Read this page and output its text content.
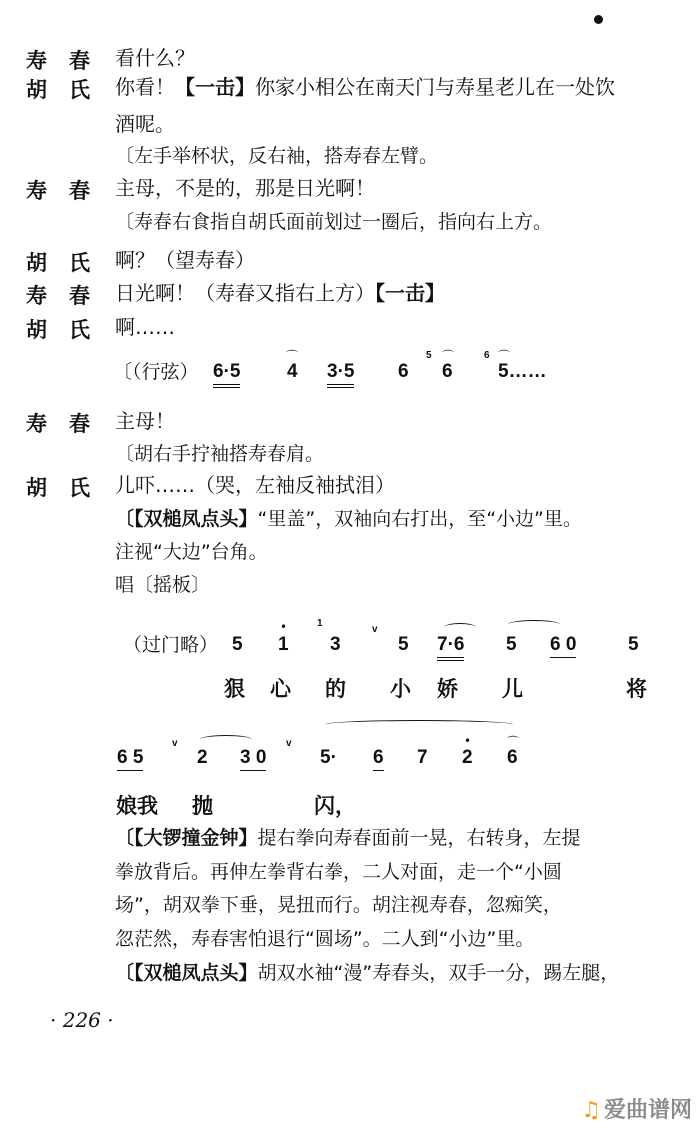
寿春 看什么？
胡氏 你看！【一击】你家小相公在南天门与寿星老儿在一处饮
酒呢。
〔左手举杯状，反右袖，搭寿春左臂。
寿春 主母，不是的，那是日光啊！
〔寿春右食指自胡氏面前划过一圈后，指向右上方。
胡氏 啊？（望寿春）
寿春 日光啊！（寿春又指右上方）【一击】
胡氏 啊……
〔（行弦） 6·5
⌒
4 3·5 6
5 ⌒
6
6 ⌒
5……
寿春 主母！
〔胡右手拧袖搭寿春肩。
胡氏 儿吓……（哭，左袖反袖拭泪）
〔【双槌凤点头】“里盖”，双袖向右打出，至“小边”里。
注视“大边”台角。
唱〔摇板〕
（过门略） 5
•
1
1
3
v
5 7·6 5 6 0	5
狠 心 的 小 娇 儿	将
6 5
v
2 3 0
v
5· 6 7
•
2
⌒
6
娘我 抛	闪，
〔【大锣撞金钟】提右拳向寿春面前一晃，右转身，左提
拳放背后。再伸左拳背右拳，二人对面，走一个“小圆
场”，胡双拳下垂，晃扭而行。胡注视寿春，忽痴笑，
忽茫然，寿春害怕退行“圆场”。二人到“小边”里。
〔【双槌凤点头】胡双水袖“漫”寿春头，双手一分，踢左腿，
· 226 ·
♫ 爱曲谱网
